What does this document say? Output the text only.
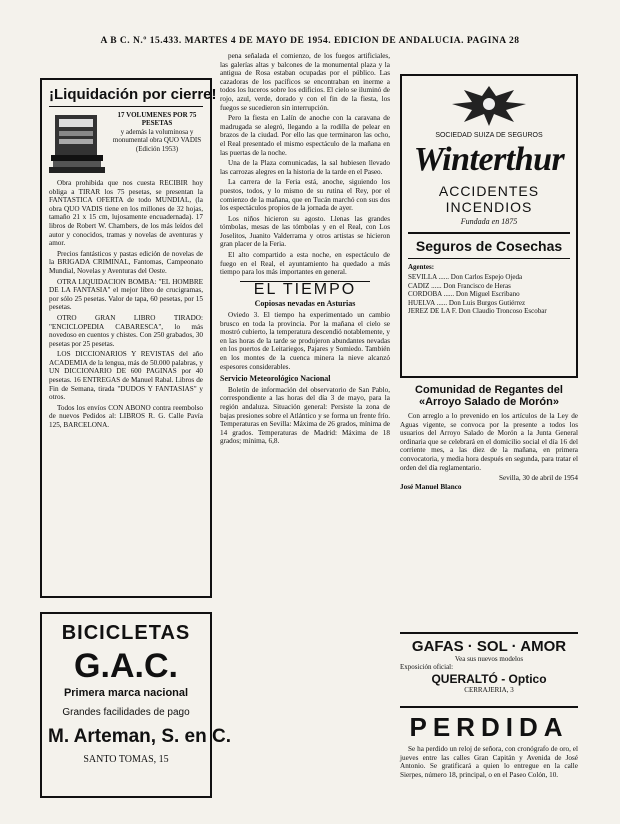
A B C. N.º 15.433. MARTES 4 DE MAYO DE 1954. EDICION DE ANDALUCIA. PAGINA 28
¡Liquidación por cierre!
17 VOLUMENES POR 75 PESETAS
y además la voluminosa y monumental obra QUO VADIS
(Edición 1953)

Obra prohibida que nos cuesta RECIBIR hoy obliga a TIRAR los 75 pesetas, se presentan la FANTASTICA OFERTA de todo MUNDIAL, (la obra QUO VADIS tiene en los millones de 32 hojas, tamaño 21 x 15 cm, lujosamente encuadernada). 17 libros de Robert W. Chambers, de los más leídos del autor y conocidos, tramas y novelas de aventuras y amor.

Precios fantásticos y pastas edición de novelas de la BRIGADA CRIMINAL, Fantomas, Campeonato Mundial, Novelas y Aventuras del Oeste.

OTRA LIQUIDACION BOMBA: "EL HOMBRE DE LA FANTASIA" el mejor libro de crucigramas, por sólo 25 pesetas. Valor de tapa, 60 pesetas, por 15 pesetas.

OTRO GRAN LIBRO TIRADO: "ENCICLOPEDIA CABARESCA", lo más novedoso en cuentos y chistes. Con 250 grabados, 30 pesetas por 25 pesetas.

LOS DICCIONARIOS Y REVISTAS del año ACADEMIA de la lengua, más de 50.000 palabras, y UN DICCIONARIO DE 600 PAGINAS por 40 pesetas. 16 ENTREGAS de Manuel Rabal. Libros de Fin de Semana, tirada "DUDOS Y FANTASIAS" y otros.

Todos los envíos CON ABONO contra reembolso de nuevos Pedidos al: LIBROS R. G. Calle Pavía 125, BARCELONA.

BICICLETAS
G.A.C.
Primera marca nacional
Grandes facilidades de pago
M. Arteman, S. en C.
SANTO TOMAS, 15

pena señalada el comienzo, de los fuegos artificiales, las galerías altas y balcones de la monumental plaza y la antigua de Rosa estaban ocupadas por el público. Las cazadoras de los pacíficos se encontraban en inerme a todos los luceros sobre los edificios. El cielo se iluminó de rojo, azul, verde, dorado y con el fin de la fiesta, los fuegos se sucedieron sin interrupción.

Pero la fiesta en Lalín de anoche con la caravana de madrugada se alegró, llegando a la rodilla de pelear en brazos de la ciudad. Por ello las que terminaron las ocho, el Real presentado el mismo espectáculo de la mañana en las puertas de la noche.

Una de la Plaza comunicadas, la sal hubiesen llevado las carrozas alegres en la historia de la tarde en el Paseo.

La carrera de la Feria está, anoche, siguiendo los puestos, todos, y lo mismo de su rutina el Rey, por el comienzo de la mañana, que en Tucán marchó con sus dos los espectáculos propios de la jornada de ayer.

Los niños hicieron su agosto. Llenas las grandes tómbolas, mesas de las tómbolas y en el Real, con Los Joselitos, Juanito Valderrama y otros artistas se hicieron gran placer de la Feria.

El alto compartido a esta noche, en espectáculo de fuego en el Real, el ayuntamiento ha quedado a más tiempo para los más importantes en general.

EL TIEMPO
Copiosas nevadas en Asturias

Oviedo 3. El tiempo ha experimentado un cambio brusco en toda la provincia. Por la mañana el cielo se mostró cubierto, la temperatura descendió notablemente, y en las horas de la tarde se produjeron abundantes nevadas en los puertos de Leitariegos, Pajares y Somiedo. También en los montes de la cuenca minera la nieve alcanzó espesores considerables.

Servicio Meteorológico Nacional

Boletín de información del observatorio de San Pablo, correspondiente a las horas del día 3 de mayo, para la región andaluza. Situación general: Persiste la zona de bajas presiones sobre el Atlántico y se forma un frente frío. Temperaturas en Sevilla: Máxima de 26 grados, mínima de 14 grados. Temperaturas de Madrid: Máxima de 18 grados; mínima, 6,8.

SOCIEDAD SUIZA DE SEGUROS
Winterthur
ACCIDENTES
INCENDIOS
Fundada en 1875
Seguros de Cosechas
Agentes:
SEVILLA ...... Don Carlos Espejo Ojeda
CADIZ ...... Don Francisco de Heras
CORDOBA ...... Don Miguel Escribano
HUELVA ...... Don Luis Burgos Gutiérrez
JEREZ DE LA F. Don Claudio Troncoso Escobar
Comunidad de Regantes del
«Arroyo Salado de Morón»

Con arreglo a lo prevenido en los artículos de la Ley de Aguas vigente, se convoca por la presente a todos los usuarios del Arroyo Salado de Morón a la Junta General ordinaria que se celebrará en el domicilio social el día 16 del corriente mes, a las diez de la mañana, en primera convocatoria, y media hora después en segunda, para tratar el orden del día reglamentario.

Sevilla, 30 de abril de 1954
José Manuel Blanco
GAFAS · SOL · AMOR
Vea sus nuevos modelos
Exposición oficial:
QUERALTÓ - Optico
CERRAJERIA, 3
PERDIDA

Se ha perdido un reloj de señora, con cronógrafo de oro, el jueves entre las calles Gran Capitán y Avenida de José Antonio. Se gratificará a quien lo entregue en la calle Sierpes, número 18, principal, o en el Paseo Colón, 10.
